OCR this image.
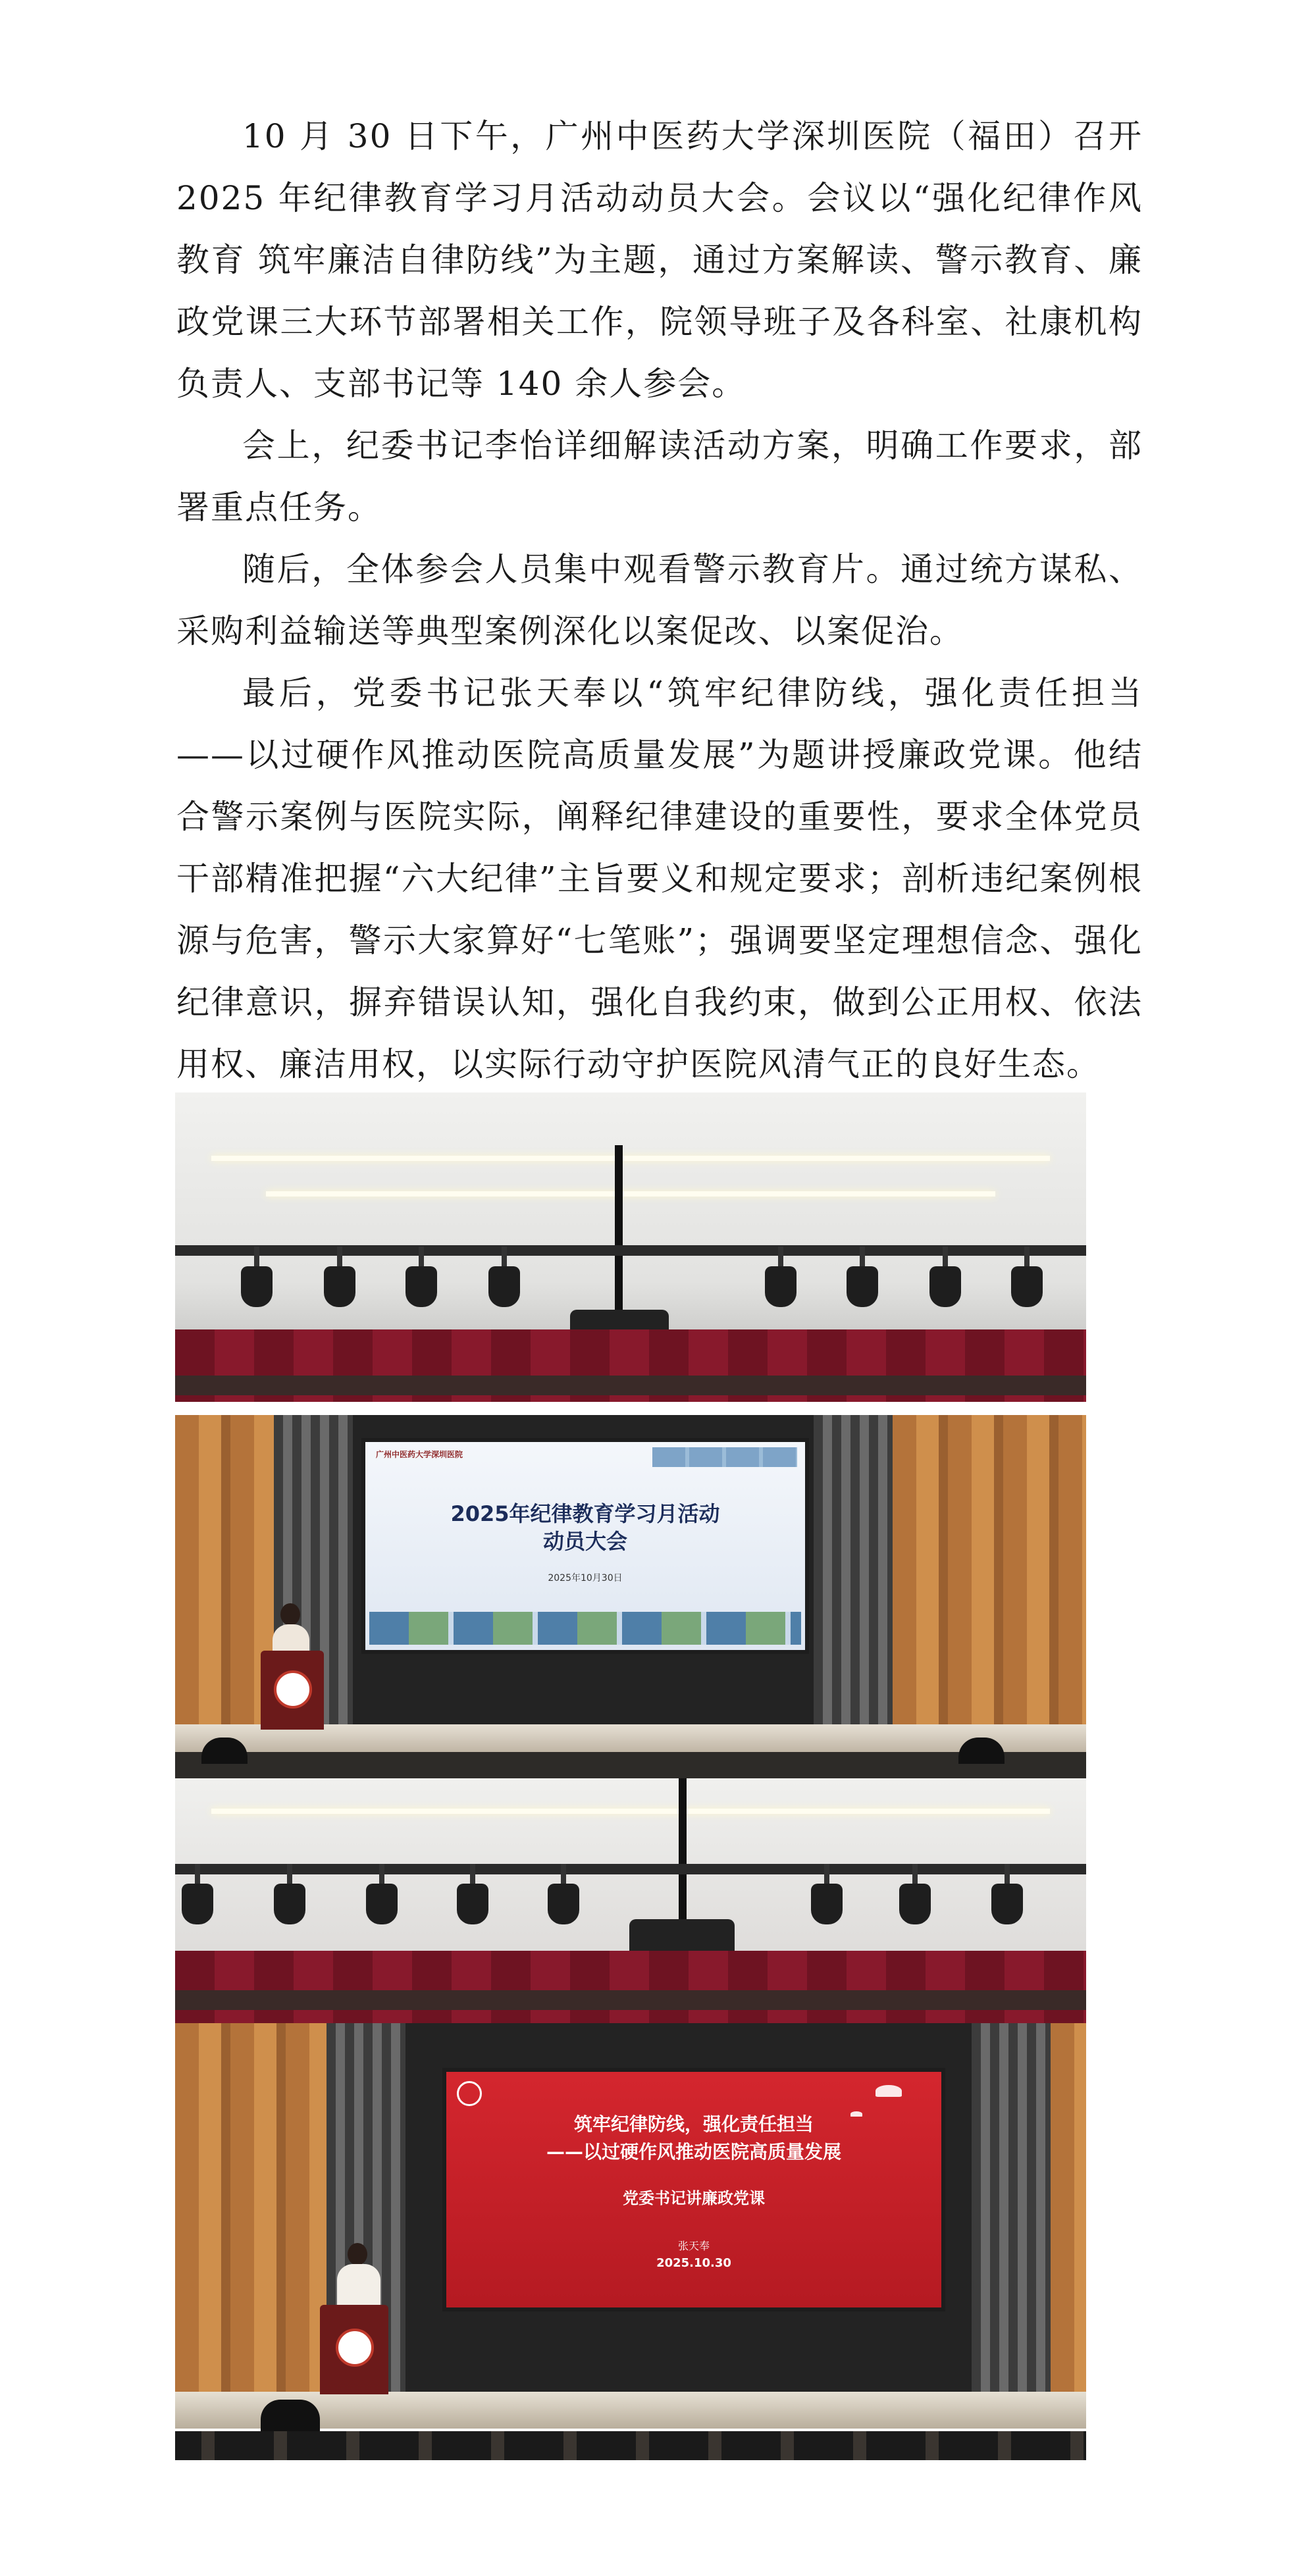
10 月 30 日下午，广州中医药大学深圳医院（福田）召开 2025 年纪律教育学习月活动动员大会。会议以“强化纪律作风教育 筑牢廉洁自律防线”为主题，通过方案解读、警示教育、廉政党课三大环节部署相关工作，院领导班子及各科室、社康机构负责人、支部书记等 140 余人参会。

会上，纪委书记李怡详细解读活动方案，明确工作要求，部署重点任务。

随后，全体参会人员集中观看警示教育片。通过统方谋私、采购利益输送等典型案例深化以案促改、以案促治。

最后，党委书记张天奉以“筑牢纪律防线，强化责任担当——以过硬作风推动医院高质量发展”为题讲授廉政党课。他结合警示案例与医院实际，阐释纪律建设的重要性，要求全体党员干部精准把握“六大纪律”主旨要义和规定要求；剖析违纪案例根源与危害，警示大家算好“七笔账”；强调要坚定理想信念、强化纪律意识，摒弃错误认知，强化自我约束，做到公正用权、依法用权、廉洁用权，以实际行动守护医院风清气正的良好生态。

广州中医药大学深圳医院
2025年纪律教育学习月活动
动员大会
2025年10月30日
筑牢纪律防线，强化责任担当
——以过硬作风推动医院高质量发展
党委书记讲廉政党课
张天奉
2025.10.30
